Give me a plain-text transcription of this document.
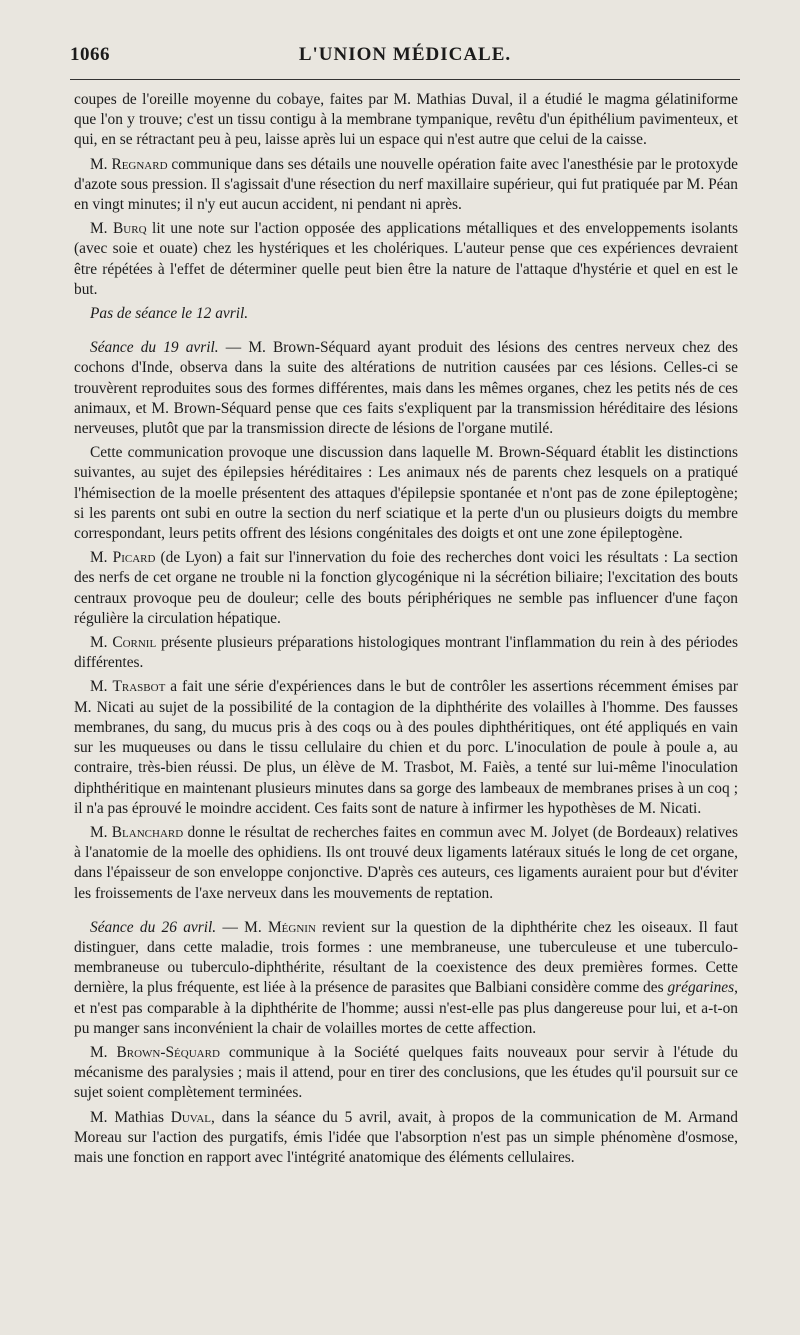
1066	L'UNION MÉDICALE.

coupes de l'oreille moyenne du cobaye, faites par M. Mathias Duval, il a étudié le magma gélatiniforme que l'on y trouve; c'est un tissu contigu à la membrane tympanique, revêtu d'un épithélium pavimenteux, et qui, en se rétractant peu à peu, laisse après lui un espace qui n'est autre que celui de la caisse.

M. Regnard communique dans ses détails une nouvelle opération faite avec l'anesthésie par le protoxyde d'azote sous pression. Il s'agissait d'une résection du nerf maxillaire supérieur, qui fut pratiquée par M. Péan en vingt minutes; il n'y eut aucun accident, ni pendant ni après.

M. Burq lit une note sur l'action opposée des applications métalliques et des enveloppements isolants (avec soie et ouate) chez les hystériques et les cholériques. L'auteur pense que ces expériences devraient être répétées à l'effet de déterminer quelle peut bien être la nature de l'attaque d'hystérie et quel en est le but.

Pas de séance le 12 avril.

Séance du 19 avril. — M. Brown-Séquard ayant produit des lésions des centres nerveux chez des cochons d'Inde, observa dans la suite des altérations de nutrition causées par ces lésions. Celles-ci se trouvèrent reproduites sous des formes différentes, mais dans les mêmes organes, chez les petits nés de ces animaux, et M. Brown-Séquard pense que ces faits s'expliquent par la transmission héréditaire des lésions nerveuses, plutôt que par la transmission directe de lésions de l'organe mutilé.

Cette communication provoque une discussion dans laquelle M. Brown-Séquard établit les distinctions suivantes, au sujet des épilepsies héréditaires : Les animaux nés de parents chez lesquels on a pratiqué l'hémisection de la moelle présentent des attaques d'épilepsie spontanée et n'ont pas de zone épileptogène; si les parents ont subi en outre la section du nerf sciatique et la perte d'un ou plusieurs doigts du membre correspondant, leurs petits offrent des lésions congénitales des doigts et ont une zone épileptogène.

M. Picard (de Lyon) a fait sur l'innervation du foie des recherches dont voici les résultats : La section des nerfs de cet organe ne trouble ni la fonction glycogénique ni la sécrétion biliaire; l'excitation des bouts centraux provoque peu de douleur; celle des bouts périphériques ne semble pas influencer d'une façon régulière la circulation hépatique.

M. Cornil présente plusieurs préparations histologiques montrant l'inflammation du rein à des périodes différentes.

M. Trasbot a fait une série d'expériences dans le but de contrôler les assertions récemment émises par M. Nicati au sujet de la possibilité de la contagion de la diphthérite des volailles à l'homme. Des fausses membranes, du sang, du mucus pris à des coqs ou à des poules diphthéritiques, ont été appliqués en vain sur les muqueuses ou dans le tissu cellulaire du chien et du porc. L'inoculation de poule à poule a, au contraire, très-bien réussi. De plus, un élève de M. Trasbot, M. Faiès, a tenté sur lui-même l'inoculation diphthéritique en maintenant plusieurs minutes dans sa gorge des lambeaux de membranes prises à un coq ; il n'a pas éprouvé le moindre accident. Ces faits sont de nature à infirmer les hypothèses de M. Nicati.

M. Blanchard donne le résultat de recherches faites en commun avec M. Jolyet (de Bordeaux) relatives à l'anatomie de la moelle des ophidiens. Ils ont trouvé deux ligaments latéraux situés le long de cet organe, dans l'épaisseur de son enveloppe conjonctive. D'après ces auteurs, ces ligaments auraient pour but d'éviter les froissements de l'axe nerveux dans les mouvements de reptation.

Séance du 26 avril. — M. Mégnin revient sur la question de la diphthérite chez les oiseaux. Il faut distinguer, dans cette maladie, trois formes : une membraneuse, une tuberculeuse et une tuberculo-membraneuse ou tuberculo-diphthérite, résultant de la coexistence des deux premières formes. Cette dernière, la plus fréquente, est liée à la présence de parasites que Balbiani considère comme des grégarines, et n'est pas comparable à la diphthérite de l'homme; aussi n'est-elle pas plus dangereuse pour lui, et a-t-on pu manger sans inconvénient la chair de volailles mortes de cette affection.

M. Brown-Séquard communique à la Société quelques faits nouveaux pour servir à l'étude du mécanisme des paralysies ; mais il attend, pour en tirer des conclusions, que les études qu'il poursuit sur ce sujet soient complètement terminées.

M. Mathias Duval, dans la séance du 5 avril, avait, à propos de la communication de M. Armand Moreau sur l'action des purgatifs, émis l'idée que l'absorption n'est pas un simple phénomène d'osmose, mais une fonction en rapport avec l'intégrité anatomique des éléments cellulaires.
